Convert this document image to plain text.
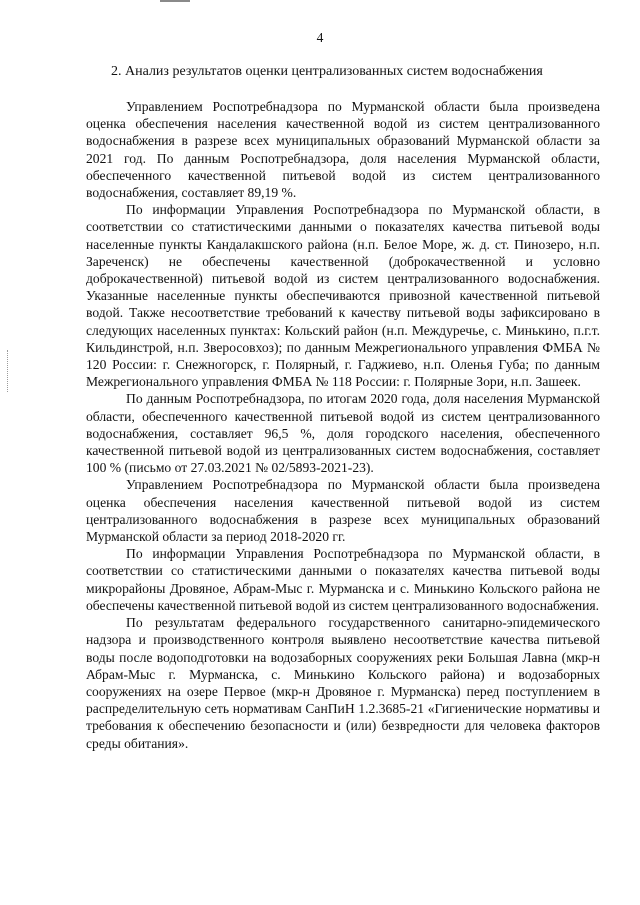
4
2. Анализ результатов оценки централизованных систем водоснабжения

Управлением Роспотребнадзора по Мурманской области была произведена оценка обеспечения населения качественной водой из систем централизованного водоснабжения в разрезе всех муниципальных образований Мурманской области за 2021 год. По данным Роспотребнадзора, доля населения Мурманской области, обеспеченного качественной питьевой водой из систем централизованного водоснабжения, составляет 89,19 %.

По информации Управления Роспотребнадзора по Мурманской области, в соответствии со статистическими данными о показателях качества питьевой воды населенные пункты Кандалакшского района (н.п. Белое Море, ж. д. ст. Пинозеро, н.п. Зареченск) не обеспечены качественной (доброкачественной и условно доброкачественной) питьевой водой из систем централизованного водоснабжения. Указанные населенные пункты обеспечиваются привозной качественной питьевой водой. Также несоответствие требований к качеству питьевой воды зафиксировано в следующих населенных пунктах: Кольский район (н.п. Междуречье, с. Минькино, п.г.т. Кильдинстрой, н.п. Зверосовхоз); по данным Межрегионального управления ФМБА № 120 России: г. Снежногорск, г. Полярный, г. Гаджиево, н.п. Оленья Губа; по данным Межрегионального управления ФМБА № 118 России: г. Полярные Зори, н.п. Зашеек.

По данным Роспотребнадзора, по итогам 2020 года, доля населения Мурманской области, обеспеченного качественной питьевой водой из систем централизованного водоснабжения, составляет 96,5 %, доля городского населения, обеспеченного качественной питьевой водой из централизованных систем водоснабжения, составляет 100 % (письмо от 27.03.2021 № 02/5893-2021-23).

Управлением Роспотребнадзора по Мурманской области была произведена оценка обеспечения населения качественной питьевой водой из систем централизованного водоснабжения в разрезе всех муниципальных образований Мурманской области за период 2018-2020 гг.

По информации Управления Роспотребнадзора по Мурманской области, в соответствии со статистическими данными о показателях качества питьевой воды микрорайоны Дровяное, Абрам-Мыс г. Мурманска и с. Минькино Кольского района не обеспечены качественной питьевой водой из систем централизованного водоснабжения.

По результатам федерального государственного санитарно-эпидемического надзора и производственного контроля выявлено несоответствие качества питьевой воды после водоподготовки на водозаборных сооружениях реки Большая Лавна (мкр-н Абрам-Мыс г. Мурманска, с. Минькино Кольского района) и водозаборных сооружениях на озере Первое (мкр-н Дровяное г. Мурманска) перед поступлением в распределительную сеть нормативам СанПиН 1.2.3685-21 «Гигиенические нормативы и требования к обеспечению безопасности и (или) безвредности для человека факторов среды обитания».
